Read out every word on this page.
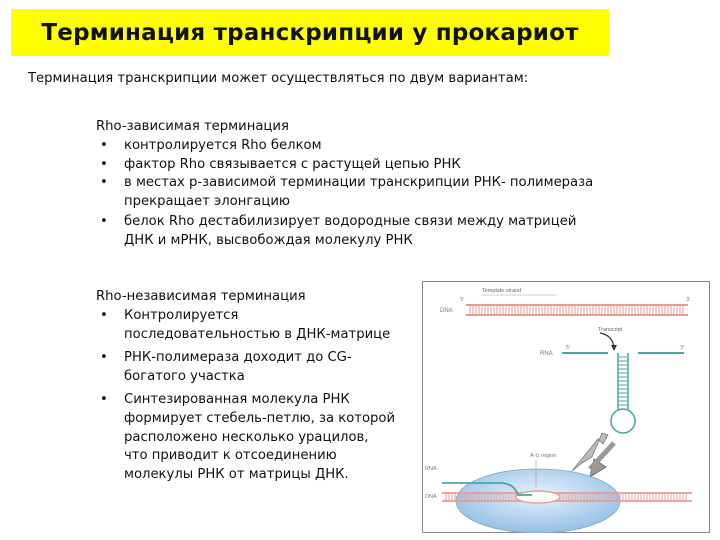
Терминация транскрипции у прокариот
Терминация транскрипции может осуществляться по двум вариантам:
Rho-зависимая терминация
• контролируется Rho белком
• фактор Rho связывается с растущей цепью РНК
• в местах р-зависимой терминации транскрипции РНК- полимераза
прекращает элонгацию
• белок Rho дестабилизирует водородные связи между матрицей
ДНК и мРНК, высвобождая молекулу РНК
Rho-независимая терминация
• Контролируется
последовательностью в ДНК-матрице
• РНК-полимераза доходит до CG-
богатого участка
• Синтезированная молекула РНК
формирует стебель-петлю, за которой
расположено несколько урацилов,
что приводит к отсоединению
молекулы РНК от матрицы ДНК.
Template strand
DNA
5'	3'
Transcript
RNA
5'	3'
RNA
DNA
A-U region
